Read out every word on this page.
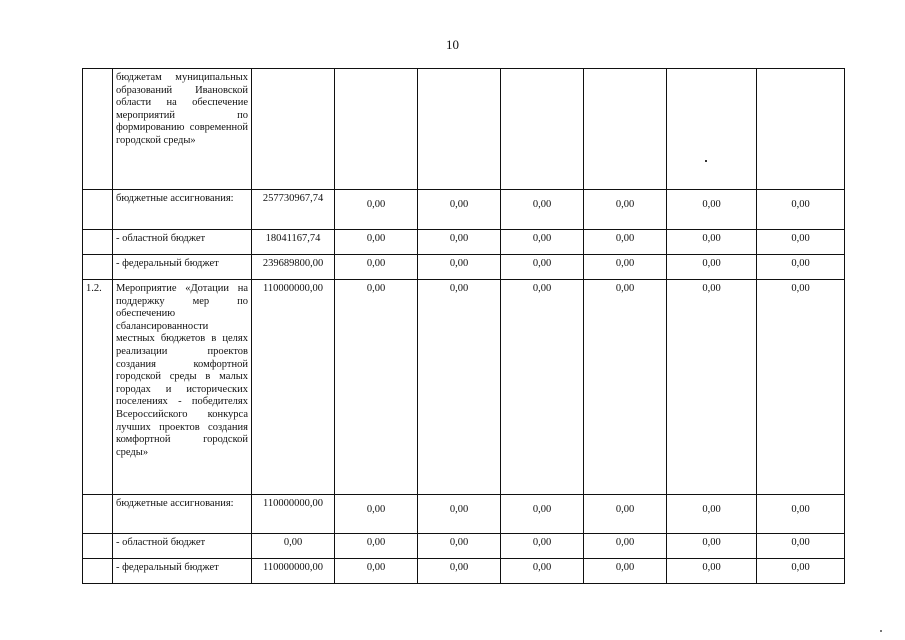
10
	бюджетам муниципальных образований Ивановской области на обеспечение мероприятий по формированию современной городской среды»							
	бюджетные ассигнования:	257730967,74	0,00	0,00	0,00	0,00	0,00	0,00
	- областной бюджет	18041167,74	0,00	0,00	0,00	0,00	0,00	0,00
	- федеральный бюджет	239689800,00	0,00	0,00	0,00	0,00	0,00	0,00
1.2.	Мероприятие «Дотации на поддержку мер по обеспечению сбалансированности местных бюджетов в целях реализации проектов создания комфортной городской среды в малых городах и исторических поселениях - победителях Всероссийского конкурса лучших проектов создания комфортной городской среды»	110000000,00	0,00	0,00	0,00	0,00	0,00	0,00
	бюджетные ассигнования:	110000000,00	0,00	0,00	0,00	0,00	0,00	0,00
	- областной бюджет	0,00	0,00	0,00	0,00	0,00	0,00	0,00
	- федеральный бюджет	110000000,00	0,00	0,00	0,00	0,00	0,00	0,00
